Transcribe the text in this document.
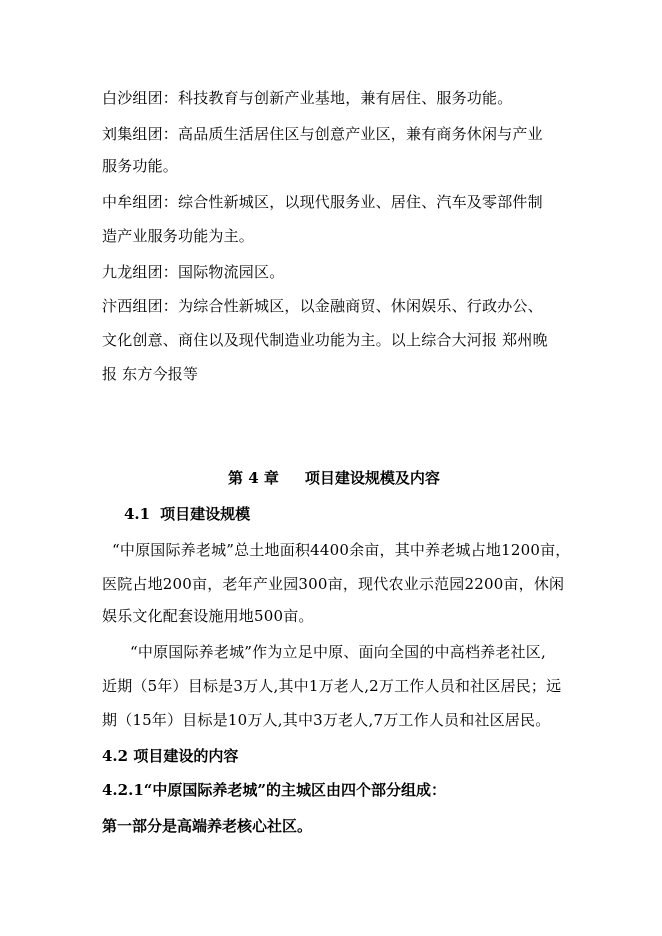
白沙组团：科技教育与创新产业基地，兼有居住、服务功能。
刘集组团：高品质生活居住区与创意产业区，兼有商务休闲与产业
服务功能。
中牟组团：综合性新城区，以现代服务业、居住、汽车及零部件制
造产业服务功能为主。
九龙组团：国际物流园区。
汴西组团：为综合性新城区，以金融商贸、休闲娱乐、行政办公、
文化创意、商住以及现代制造业功能为主。以上综合大河报 郑州晚
报 东方今报等
第 4 章 项目建设规模及内容
4.1 项目建设规模
“中原国际养老城”总土地面积4400余亩，其中养老城占地1200亩，
医院占地200亩，老年产业园300亩，现代农业示范园2200亩，休闲
娱乐文化配套设施用地500亩。
“中原国际养老城”作为立足中原、面向全国的中高档养老社区,
近期（5年）目标是3万人,其中1万老人,2万工作人员和社区居民；远
期（15年）目标是10万人,其中3万老人,7万工作人员和社区居民。
4.2 项目建设的内容
4.2.1“中原国际养老城”的主城区由四个部分组成：
第一部分是高端养老核心社区。
